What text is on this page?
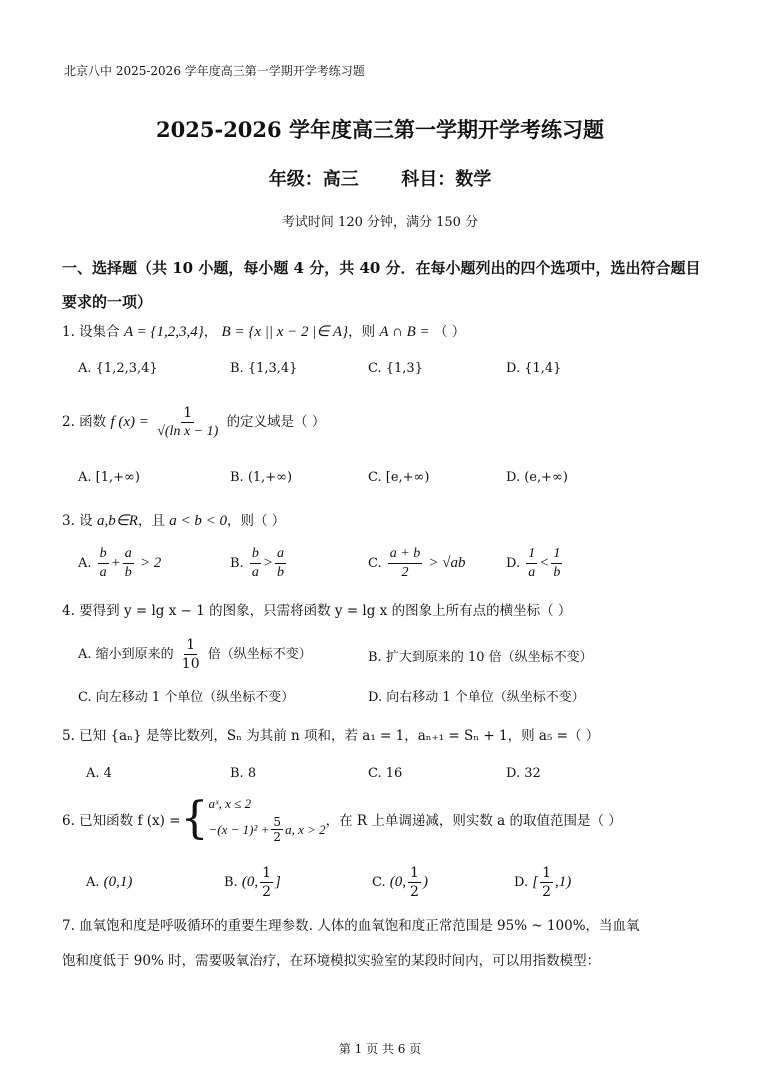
北京八中 2025-2026 学年度高三第一学期开学考练习题
2025-2026 学年度高三第一学期开学考练习题
年级：高三 科目：数学
考试时间 120 分钟，满分 150 分
一、选择题（共 10 小题，每小题 4 分，共 40 分．在每小题列出的四个选项中，选出符合题目要求的一项）
1. 设集合 A = {1,2,3,4}， B = {x || x − 2 |∈ A}，则 A ∩ B = （ ）
A. {1,2,3,4}	B. {1,3,4}	C. {1,3}	D. {1,4}
2. 函数 f $(x) = \frac{1}{\text{√(ln x − 1)}}$ 的定义域是（ ）
A. [1,+∞)	B. (1,+∞)	C. [e,+∞)	D. (e,+∞)
3. 设 a,b∈R，且 a < b < 0，则（ ）
A. $\frac{b}{a} + \frac{a}{b} > 2$	B. $\frac{b}{a} > \frac{a}{b}$	C. $\frac{a + b}{2} > √ab$	D. $\frac{1}{a} < \frac{1}{b}$
4. 要得到 y = lg x − 1 的图象，只需将函数 y = lg x 的图象上所有点的横坐标（ ）
A. 缩小到原来的 $\frac{1}{10}$ 倍（纵坐标不变）	B. 扩大到原来的 10 倍（纵坐标不变）
C. 向左移动 1 个单位（纵坐标不变）	D. 向右移动 1 个单位（纵坐标不变）
5. 已知 {aₙ} 是等比数列，Sₙ 为其前 n 项和，若 a₁ = 1，aₙ₊₁ = Sₙ + 1，则 a₅ =（ ）
A. 4	B. 8	C. 16	D. 32
6. 已知函数 f (x) = { aˣ, x ≤ 2
$-(x - 1)^2 + \frac{5}{2} a$, x > 2
，在 R 上单调递减，则实数 a 的取值范围是（ ）
A. (0,1)	B. (0, $\frac{1}{2}$ ]	C. (0, $\frac{1}{2}$ )	D. [ $\frac{1}{2} ,1$)
7. 血氧饱和度是呼吸循环的重要生理参数. 人体的血氧饱和度正常范围是 95% ~ 100%，当血氧
饱和度低于 90% 时，需要吸氧治疗，在环境模拟实验室的某段时间内，可以用指数模型：
第 1 页 共 6 页
